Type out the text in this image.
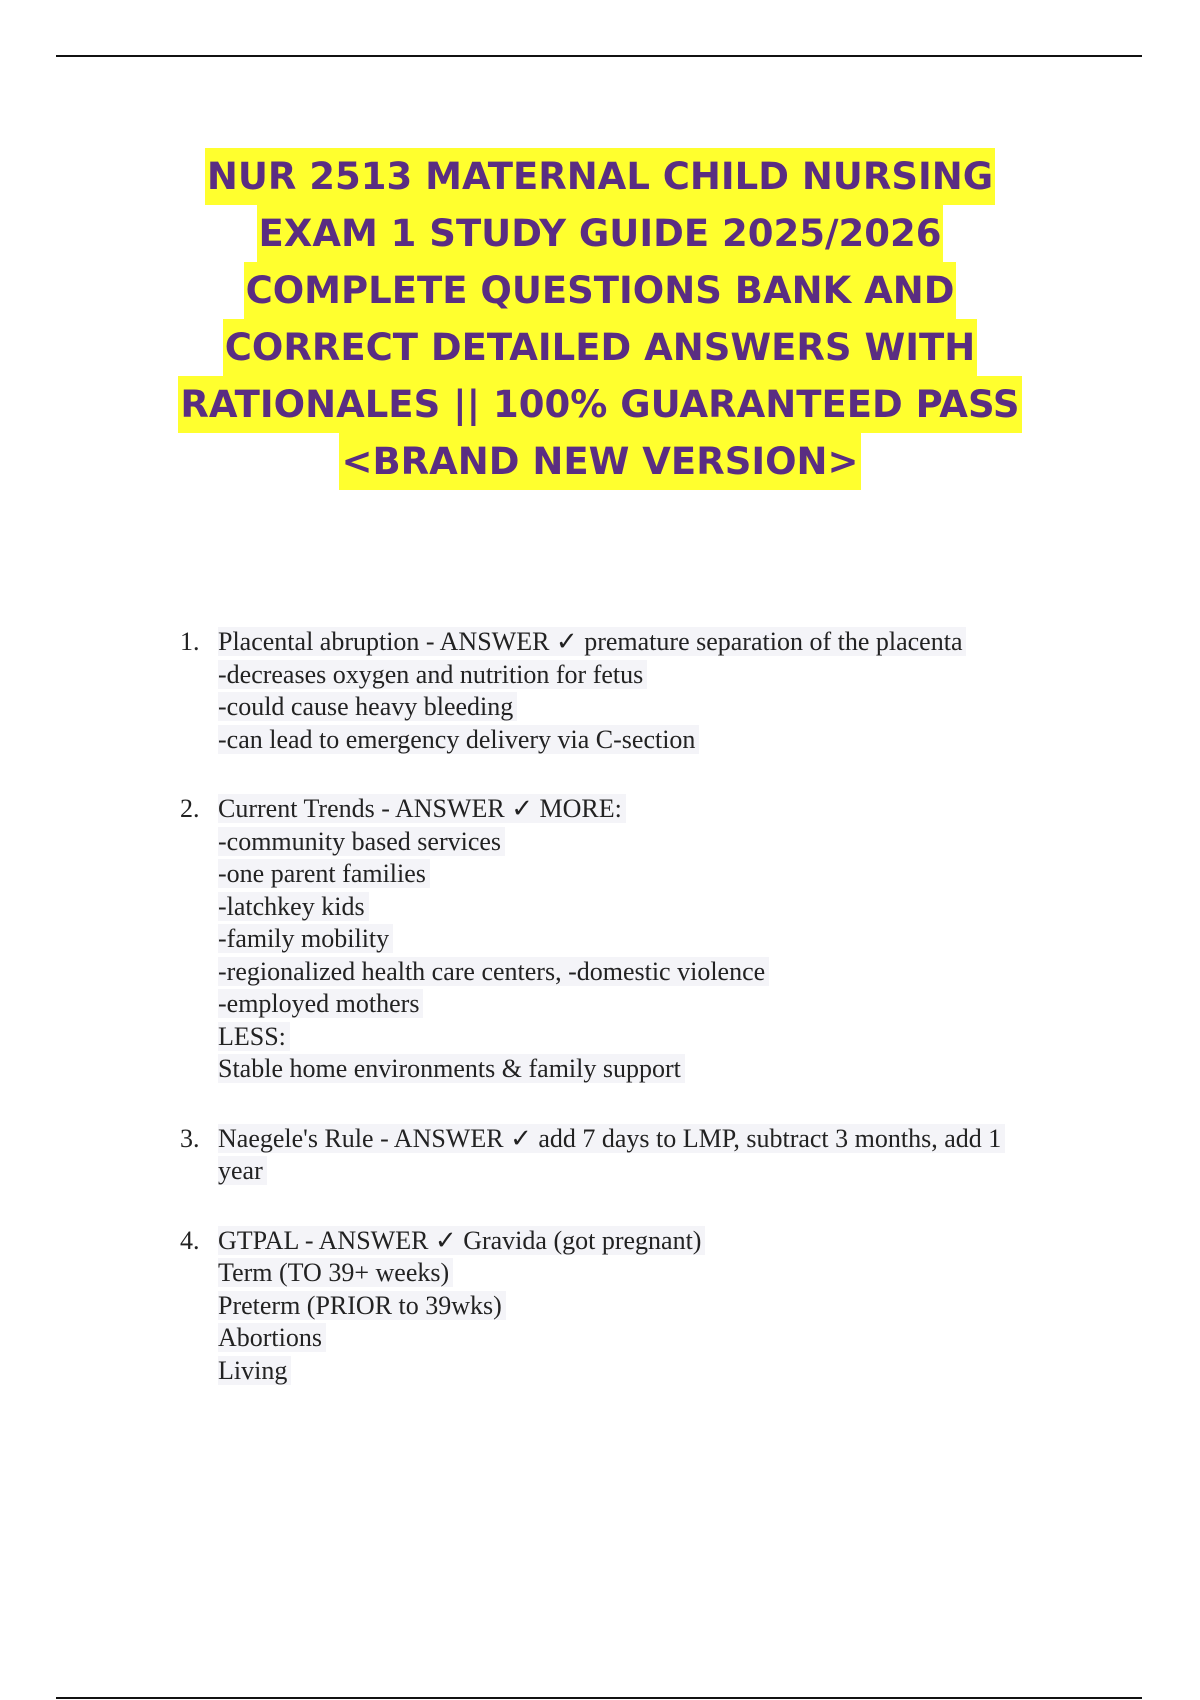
NUR 2513 MATERNAL CHILD NURSING
EXAM 1 STUDY GUIDE 2025/2026
COMPLETE QUESTIONS BANK AND
CORRECT DETAILED ANSWERS WITH
RATIONALES || 100% GUARANTEED PASS
<BRAND NEW VERSION>
1. Placental abruption - ANSWER ✓ premature separation of the placenta
-decreases oxygen and nutrition for fetus
-could cause heavy bleeding
-can lead to emergency delivery via C-section
2. Current Trends - ANSWER ✓ MORE:
-community based services
-one parent families
-latchkey kids
-family mobility
-regionalized health care centers, -domestic violence
-employed mothers
LESS:
Stable home environments & family support
3. Naegele's Rule - ANSWER ✓ add 7 days to LMP, subtract 3 months, add 1
year
4. GTPAL - ANSWER ✓ Gravida (got pregnant)
Term (TO 39+ weeks)
Preterm (PRIOR to 39wks)
Abortions
Living
